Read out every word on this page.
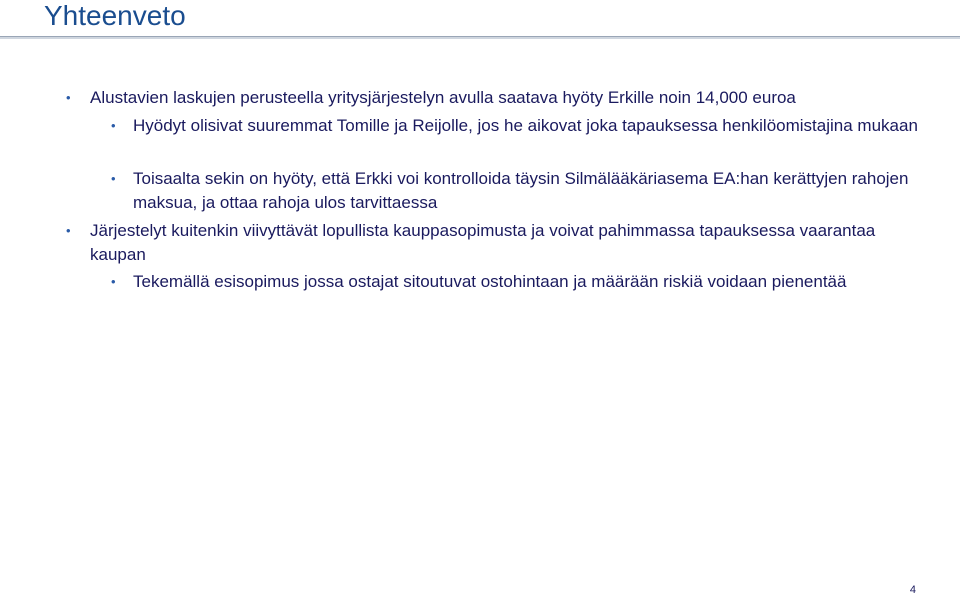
Yhteenveto
• Alustavien laskujen perusteella yritysjärjestelyn avulla saatava hyöty Erkille noin 14,000 euroa
• Hyödyt olisivat suuremmat Tomille ja Reijolle, jos he aikovat joka tapauksessa henkilöomistajina mukaan
• Toisaalta sekin on hyöty, että Erkki voi kontrolloida täysin Silmälääkäriasema EA:han kerättyjen rahojen maksua, ja ottaa rahoja ulos tarvittaessa
• Järjestelyt kuitenkin viivyttävät lopullista kauppasopimusta ja voivat pahimmassa tapauksessa vaarantaa kaupan
• Tekemällä esisopimus jossa ostajat sitoutuvat ostohintaan ja määrään riskiä voidaan pienentää
4
